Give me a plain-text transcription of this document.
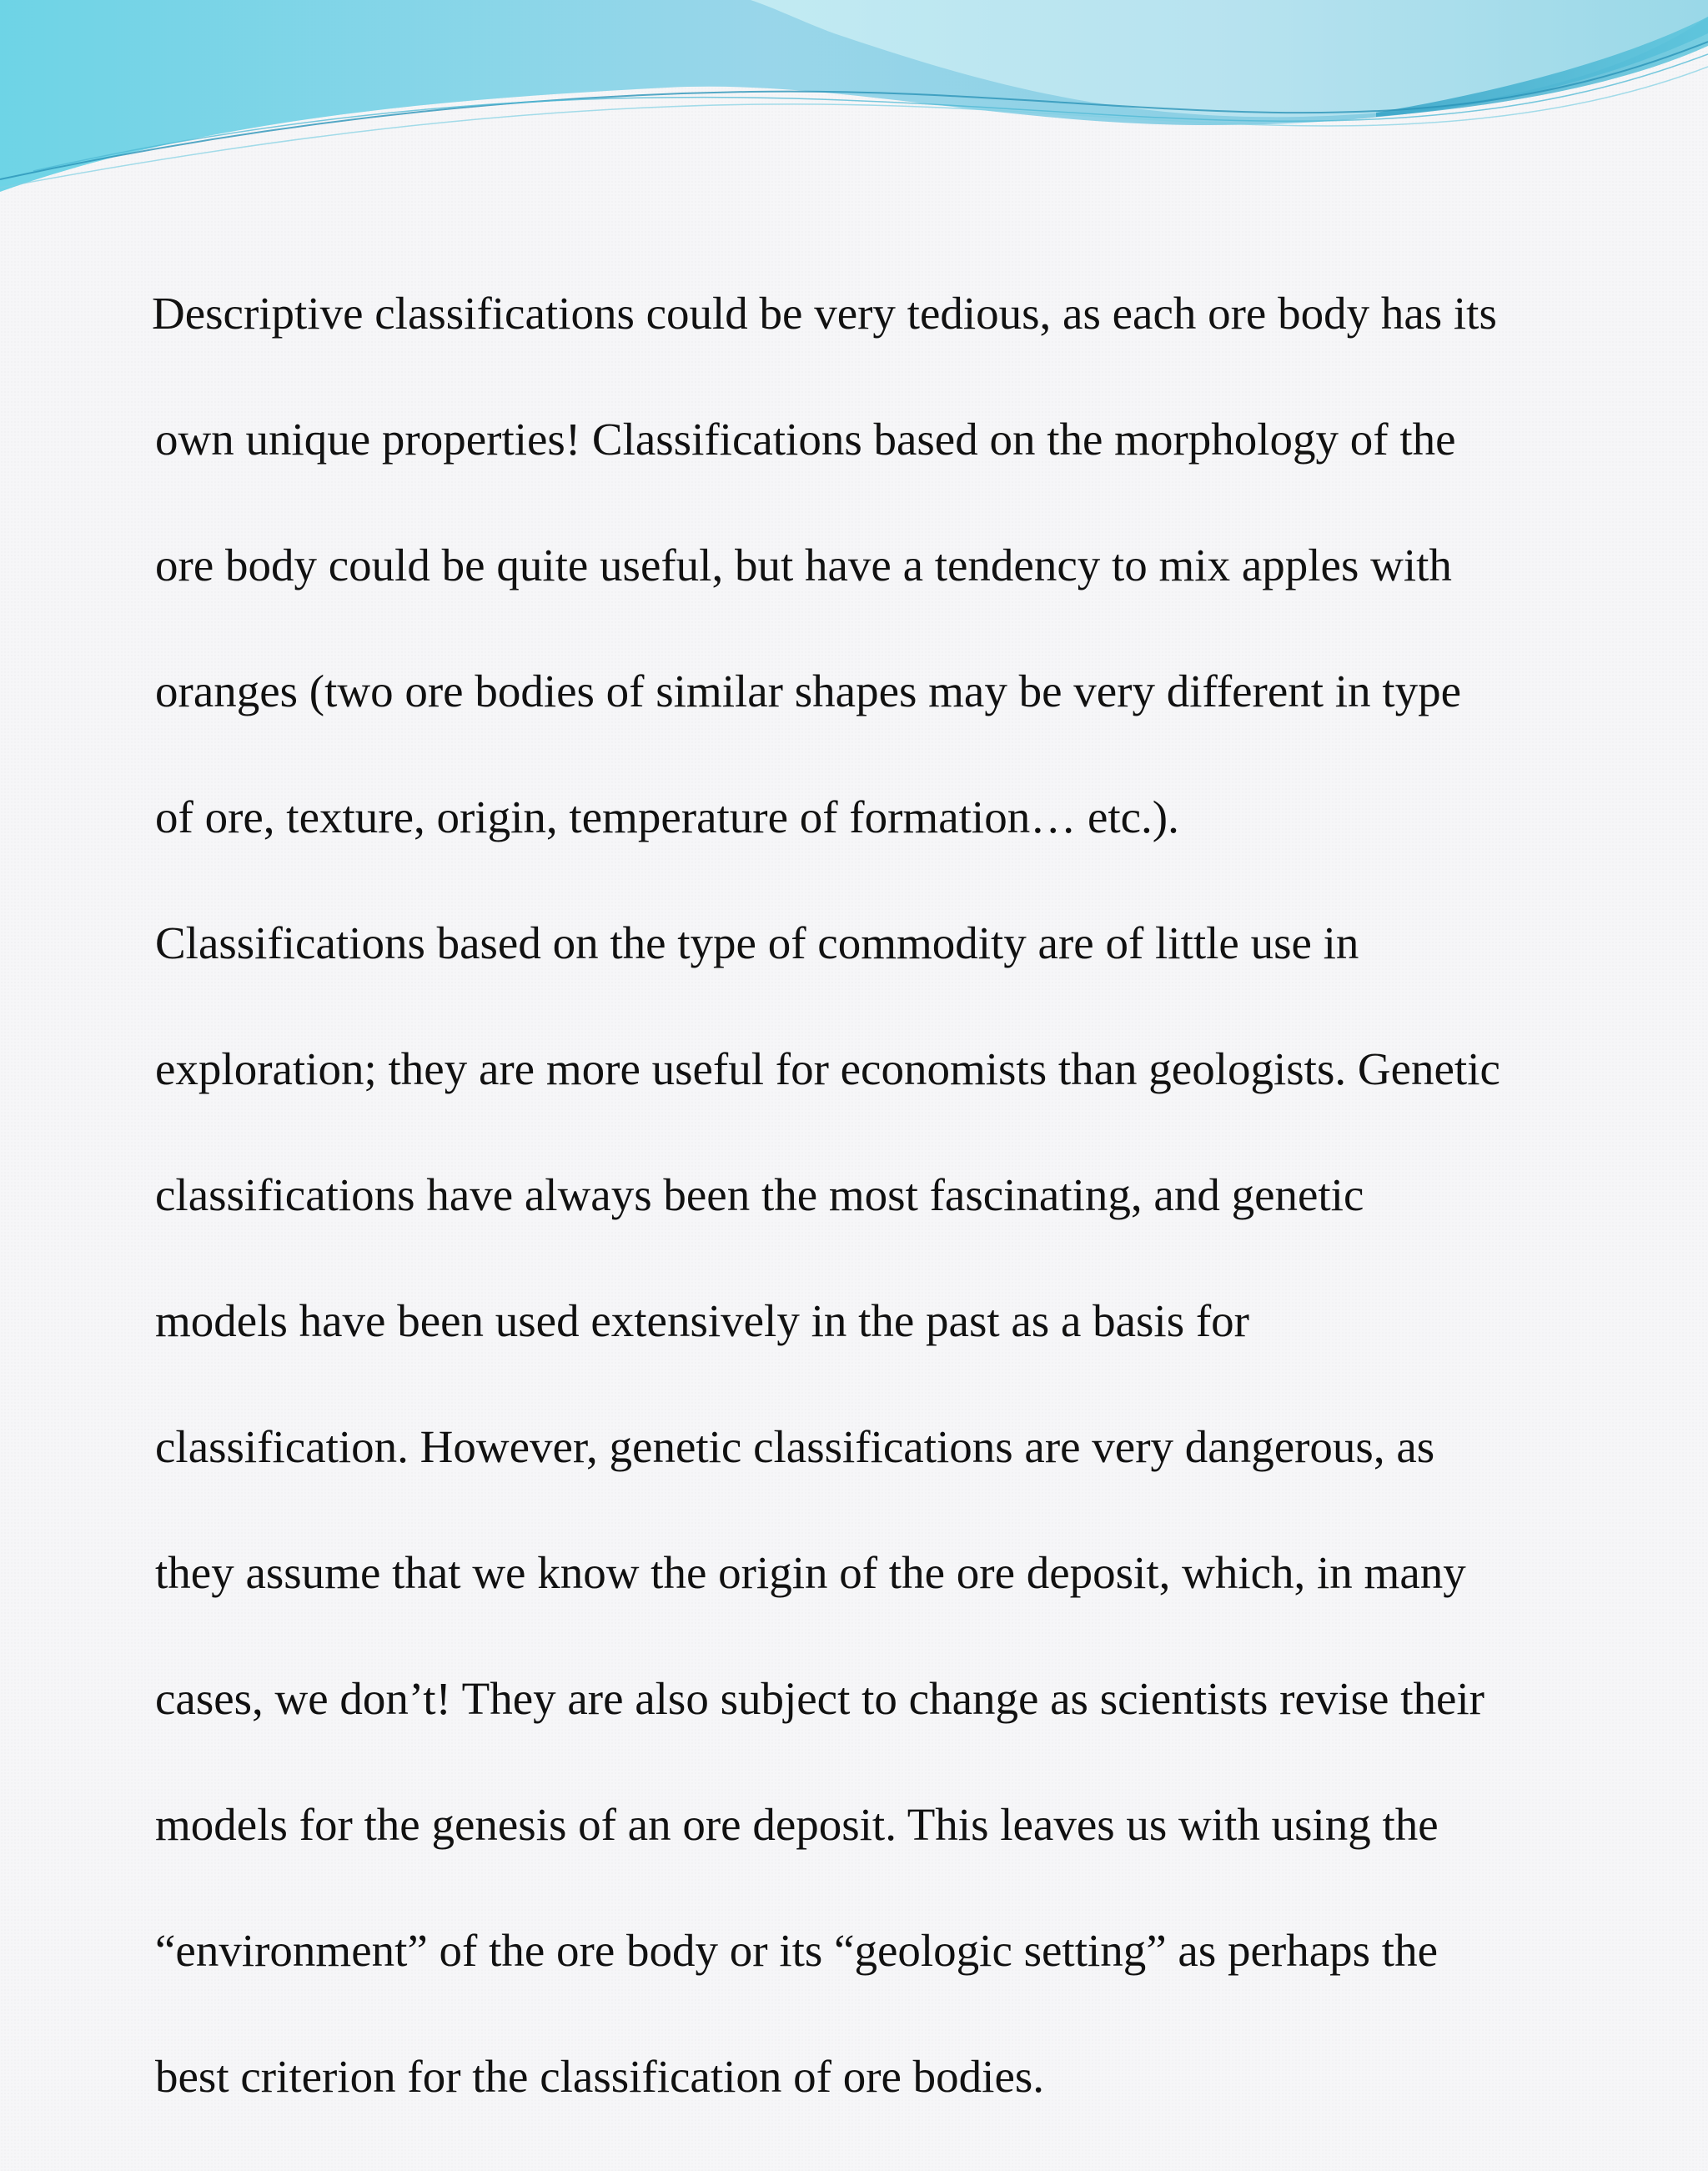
Descriptive classifications could be very tedious, as each ore body has its

own unique properties! Classifications based on the morphology of the

ore body could be quite useful, but have a tendency to mix apples with

oranges (two ore bodies of similar shapes may be very different in type

of ore, texture, origin, temperature of formation… etc.).

Classifications based on the type of commodity are of little use in

exploration; they are more useful for economists than geologists. Genetic

classifications have always been the most fascinating, and genetic

models have been used extensively in the past as a basis for

classification. However, genetic classifications are very dangerous, as

they assume that we know the origin of the ore deposit, which, in many

cases, we don’t! They are also subject to change as scientists revise their

models for the genesis of an ore deposit. This leaves us with using the

“environment” of the ore body or its “geologic setting” as perhaps the

best criterion for the classification of ore bodies.
